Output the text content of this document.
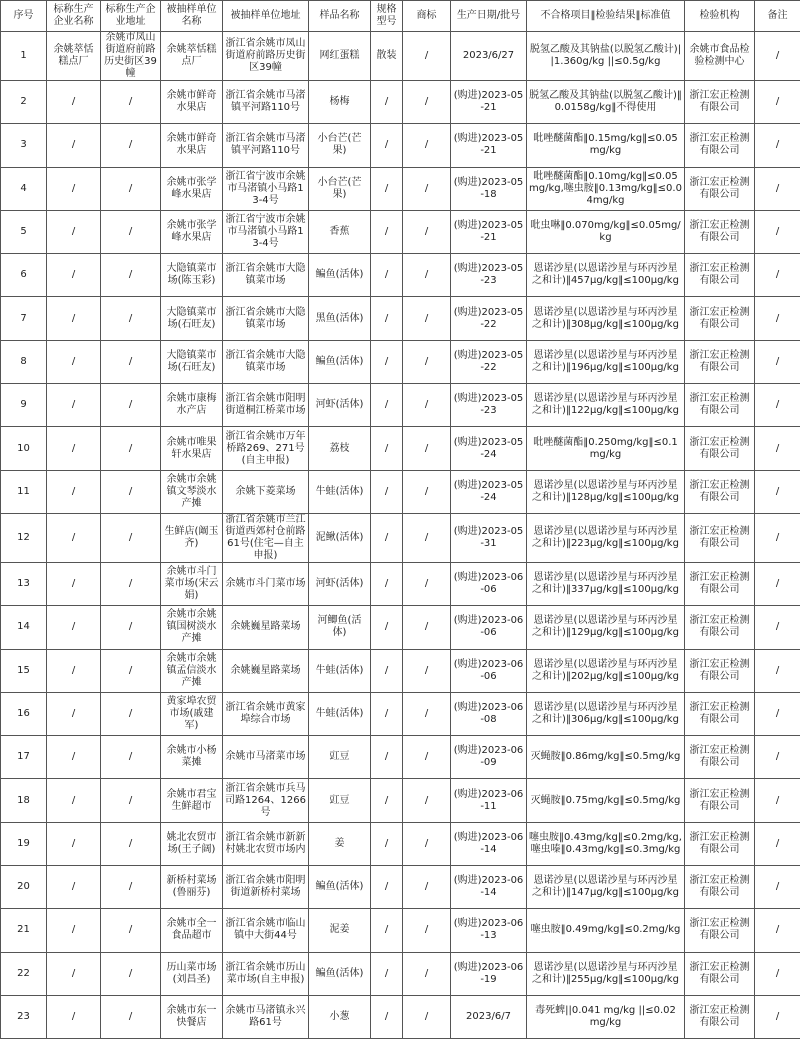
序号	标称生产企业名称	标称生产企业地址	被抽样单位名称	被抽样单位地址	样品名称	规格型号	商标	生产日期/批号	不合格项目‖检验结果‖标准值	检验机构	备注
1	余姚萃恬糕点厂	余姚市凤山街道府前路历史街区39幢	余姚萃恬糕点厂	浙江省余姚市凤山街道府前路历史街区39幢	网红蛋糕	散装	/	2023/6/27	脱氢乙酸及其钠盐(以脱氢乙酸计)||1.360g/kg ||≤0.5g/kg	余姚市食品检验检测中心	/
2	/	/	余姚市鲜奇水果店	浙江省余姚市马渚镇平河路110号	杨梅	/	/	(购进)2023-05-21	脱氢乙酸及其钠盐(以脱氢乙酸计)‖0.0158g/kg‖不得使用	浙江宏正检测有限公司	/
3	/	/	余姚市鲜奇水果店	浙江省余姚市马渚镇平河路110号	小台芒(芒果)	/	/	(购进)2023-05-21	吡唑醚菌酯‖0.15mg/kg‖≤0.05mg/kg	浙江宏正检测有限公司	/
4	/	/	余姚市张学峰水果店	浙江省宁波市余姚市马渚镇小马路13-4号	小台芒(芒果)	/	/	(购进)2023-05-18	吡唑醚菌酯‖0.10mg/kg‖≤0.05mg/kg,噻虫胺‖0.13mg/kg‖≤0.04mg/kg	浙江宏正检测有限公司	/
5	/	/	余姚市张学峰水果店	浙江省宁波市余姚市马渚镇小马路13-4号	香蕉	/	/	(购进)2023-05-21	吡虫啉‖0.070mg/kg‖≤0.05mg/kg	浙江宏正检测有限公司	/
6	/	/	大隐镇菜市场(陈玉彩)	浙江省余姚市大隐镇菜市场	鳊鱼(活体)	/	/	(购进)2023-05-23	恩诺沙星(以恩诺沙星与环丙沙星之和计)‖457μg/kg‖≤100μg/kg	浙江宏正检测有限公司	/
7	/	/	大隐镇菜市场(石旺友)	浙江省余姚市大隐镇菜市场	黑鱼(活体)	/	/	(购进)2023-05-22	恩诺沙星(以恩诺沙星与环丙沙星之和计)‖308μg/kg‖≤100μg/kg	浙江宏正检测有限公司	/
8	/	/	大隐镇菜市场(石旺友)	浙江省余姚市大隐镇菜市场	鳊鱼(活体)	/	/	(购进)2023-05-22	恩诺沙星(以恩诺沙星与环丙沙星之和计)‖196μg/kg‖≤100μg/kg	浙江宏正检测有限公司	/
9	/	/	余姚市康梅水产店	浙江省余姚市阳明街道桐江桥菜市场	河虾(活体)	/	/	(购进)2023-05-23	恩诺沙星(以恩诺沙星与环丙沙星之和计)‖122μg/kg‖≤100μg/kg	浙江宏正检测有限公司	/
10	/	/	余姚市唯果轩水果店	浙江省余姚市万年桥路269、271号(自主申报)	荔枝	/	/	(购进)2023-05-24	吡唑醚菌酯‖0.250mg/kg‖≤0.1mg/kg	浙江宏正检测有限公司	/
11	/	/	余姚市余姚镇文琴淡水产摊	余姚下菱菜场	牛蛙(活体)	/	/	(购进)2023-05-24	恩诺沙星(以恩诺沙星与环丙沙星之和计)‖128μg/kg‖≤100μg/kg	浙江宏正检测有限公司	/
12	/	/	生鲜店(阚玉齐)	浙江省余姚市兰江街道西郊村仓前路61号(住宅—自主申报)	泥鳅(活体)	/	/	(购进)2023-05-31	恩诺沙星(以恩诺沙星与环丙沙星之和计)‖223μg/kg‖≤100μg/kg	浙江宏正检测有限公司	/
13	/	/	余姚市斗门菜市场(宋云娟)	余姚市斗门菜市场	河虾(活体)	/	/	(购进)2023-06-06	恩诺沙星(以恩诺沙星与环丙沙星之和计)‖337μg/kg‖≤100μg/kg	浙江宏正检测有限公司	/
14	/	/	余姚市余姚镇国树淡水产摊	余姚巍星路菜场	河鲫鱼(活体)	/	/	(购进)2023-06-06	恩诺沙星(以恩诺沙星与环丙沙星之和计)‖129μg/kg‖≤100μg/kg	浙江宏正检测有限公司	/
15	/	/	余姚市余姚镇孟信淡水产摊	余姚巍星路菜场	牛蛙(活体)	/	/	(购进)2023-06-06	恩诺沙星(以恩诺沙星与环丙沙星之和计)‖202μg/kg‖≤100μg/kg	浙江宏正检测有限公司	/
16	/	/	黄家埠农贸市场(戚建军)	浙江省余姚市黄家埠综合市场	牛蛙(活体)	/	/	(购进)2023-06-08	恩诺沙星(以恩诺沙星与环丙沙星之和计)‖306μg/kg‖≤100μg/kg	浙江宏正检测有限公司	/
17	/	/	余姚市小杨菜摊	余姚市马渚菜市场	豇豆	/	/	(购进)2023-06-09	灭蝇胺‖0.86mg/kg‖≤0.5mg/kg	浙江宏正检测有限公司	/
18	/	/	余姚市君宝生鲜超市	浙江省余姚市兵马司路1264、1266号	豇豆	/	/	(购进)2023-06-11	灭蝇胺‖0.75mg/kg‖≤0.5mg/kg	浙江宏正检测有限公司	/
19	/	/	姚北农贸市场(王子阔)	浙江省余姚市新新村姚北农贸市场内	姜	/	/	(购进)2023-06-14	噻虫胺‖0.43mg/kg‖≤0.2mg/kg,噻虫嗪‖0.43mg/kg‖≤0.3mg/kg	浙江宏正检测有限公司	/
20	/	/	新桥村菜场(鲁丽芬)	浙江省余姚市阳明街道新桥村菜场	鳊鱼(活体)	/	/	(购进)2023-06-14	恩诺沙星(以恩诺沙星与环丙沙星之和计)‖147μg/kg‖≤100μg/kg	浙江宏正检测有限公司	/
21	/	/	余姚市全一食品超市	浙江省余姚市临山镇中大街44号	泥姜	/	/	(购进)2023-06-13	噻虫胺‖0.49mg/kg‖≤0.2mg/kg	浙江宏正检测有限公司	/
22	/	/	历山菜市场(刘昌圣)	浙江省余姚市历山菜市场(自主申报)	鳊鱼(活体)	/	/	(购进)2023-06-19	恩诺沙星(以恩诺沙星与环丙沙星之和计)‖255μg/kg‖≤100μg/kg	浙江宏正检测有限公司	/
23	/	/	余姚市东一快餐店	余姚市马渚镇永兴路61号	小葱	/	/	2023/6/7	毒死蜱||0.041 mg/kg ||≤0.02 mg/kg	浙江宏正检测有限公司	/
